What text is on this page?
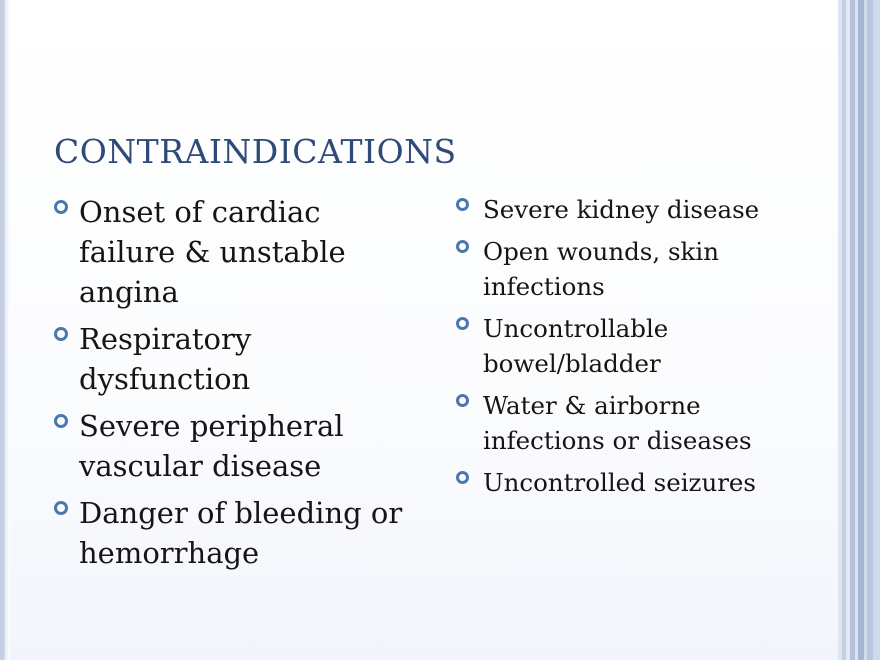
CONTRAINDICATIONS
Onset of cardiac failure & unstable angina
Respiratory dysfunction
Severe peripheral vascular disease
Danger of bleeding or hemorrhage
Severe kidney disease
Open wounds, skin infections
Uncontrollable bowel/bladder
Water & airborne infections or diseases
Uncontrolled seizures
